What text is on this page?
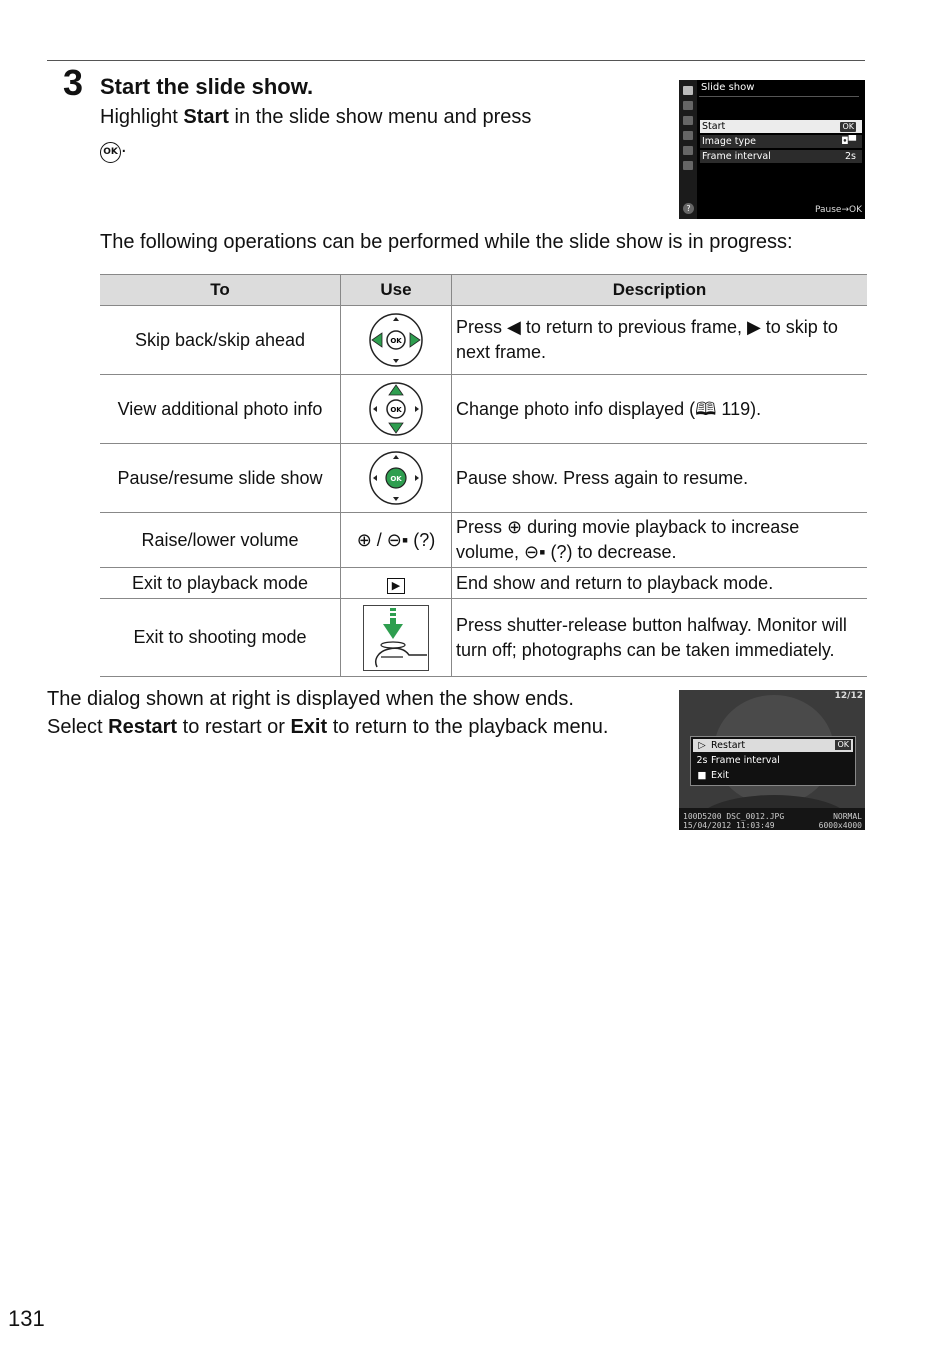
3 Start the slide show.
Highlight Start in the slide show menu and press OK .
Slide show
Start	OK
Image type	◘▀
Frame interval	2s
?	Pause→OK
The following operations can be performed while the slide show is in progress:
To	Use	Description
Skip back/skip ahead	OK	Press ◀ to return to previous frame, ▶ to skip to next frame.
View additional photo info	OK	Change photo info displayed (🕮 119).
Pause/resume slide show	OK	Pause show. Press again to resume.
Raise/lower volume	⊕ / ⊖▪ (?)	Press ⊕ during movie playback to increase volume, ⊖▪ (?) to decrease.
Exit to playback mode	▶	End show and return to playback mode.
Exit to shooting mode		Press shutter-release button halfway. Monitor will turn off; photographs can be taken immediately.
The dialog shown at right is displayed when the show ends.
Select Restart to restart or Exit to return to the playback menu.
12/12
▷ Restart	OK
2s Frame interval
■ Exit
100D5200 DSC_0012.JPG
15/04/2012 11:03:49
NORMAL
6000x4000
131
